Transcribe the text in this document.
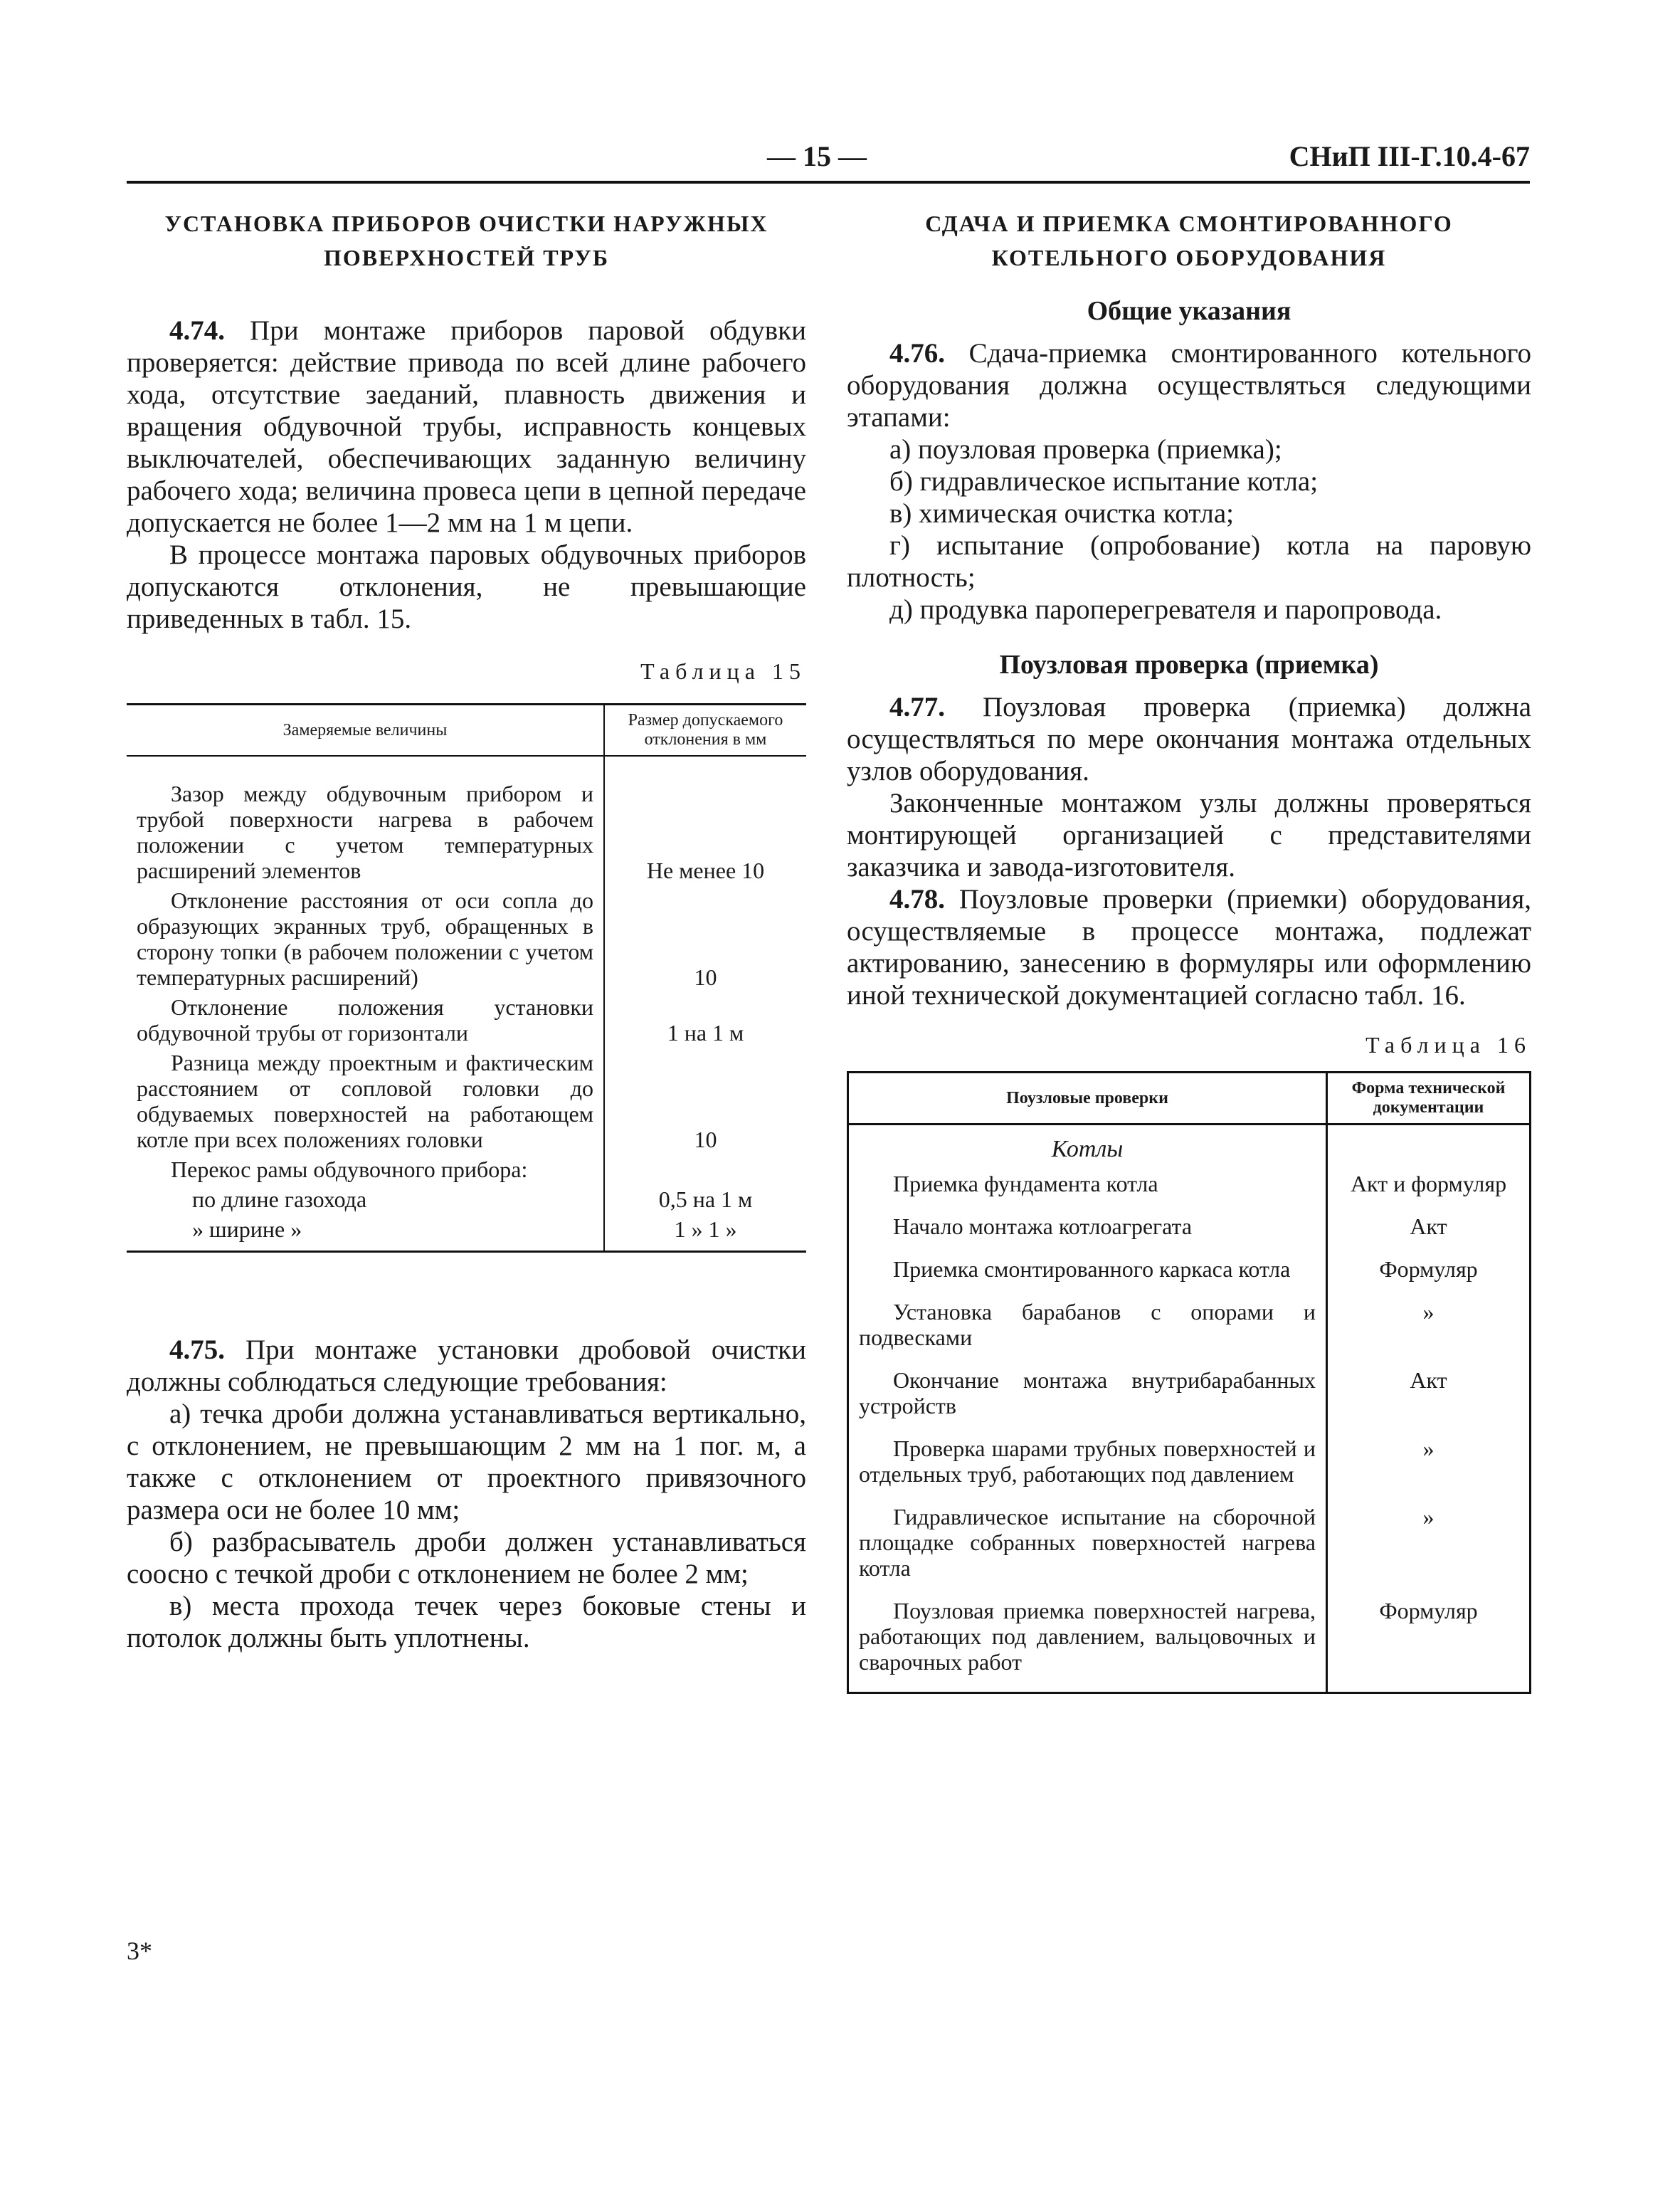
— 15 —	СНиП III-Г.10.4-67

УСТАНОВКА ПРИБОРОВ ОЧИСТКИ НАРУЖНЫХ
ПОВЕРХНОСТЕЙ ТРУБ

4.74. При монтаже приборов паровой обдувки проверяется: действие привода по всей длине рабочего хода, отсутствие заеданий, плавность движения и вращения обдувочной трубы, исправность концевых выключателей, обеспечивающих заданную величину рабочего хода; величина провеса цепи в цепной передаче допускается не более 1—2 мм на 1 м цепи.

В процессе монтажа паровых обдувочных приборов допускаются отклонения, не превышающие приведенных в табл. 15.

Таблица 15

Замеряемые величины	Размер допускаемого отклонения в мм

Зазор между обдувочным прибором и трубой поверхности нагрева в рабочем положении с учетом температурных расширений элементов	Не менее 10
Отклонение расстояния от оси сопла до образующих экранных труб, обращенных в сторону топки (в рабочем положении с учетом температурных расширений)	10
Отклонение положения установки обдувочной трубы от горизонтали	1 на 1 м
Разница между проектным и фактическим расстоянием от сопловой головки до обдуваемых поверхностей на работающем котле при всех положениях головки	10
Перекос рамы обдувочного прибора:	
по длине газохода	0,5 на 1 м
» ширине »	1 » 1 »

4.75. При монтаже установки дробовой очистки должны соблюдаться следующие требования:

а) течка дроби должна устанавливаться вертикально, с отклонением, не превышающим 2 мм на 1 пог. м, а также с отклонением от проектного привязочного размера оси не более 10 мм;

б) разбрасыватель дроби должен устанавливаться соосно с течкой дроби с отклонением не более 2 мм;

в) места прохода течек через боковые стены и потолок должны быть уплотнены.

СДАЧА И ПРИЕМКА СМОНТИРОВАННОГО
КОТЕЛЬНОГО ОБОРУДОВАНИЯ

Общие указания

4.76. Сдача-приемка смонтированного котельного оборудования должна осуществляться следующими этапами:

а) поузловая проверка (приемка);

б) гидравлическое испытание котла;

в) химическая очистка котла;

г) испытание (опробование) котла на паровую плотность;

д) продувка пароперегревателя и паропровода.

Поузловая проверка (приемка)

4.77. Поузловая проверка (приемка) должна осуществляться по мере окончания монтажа отдельных узлов оборудования.

Законченные монтажом узлы должны проверяться монтирующей организацией с представителями заказчика и завода-изготовителя.

4.78. Поузловые проверки (приемки) оборудования, осуществляемые в процессе монтажа, подлежат актированию, занесению в формуляры или оформлению иной технической документацией согласно табл. 16.

Таблица 16

Поузловые проверки	Форма технической документации
Котлы	
Приемка фундамента котла	Акт и формуляр
Начало монтажа котлоагрегата	Акт
Приемка смонтированного каркаса котла	Формуляр
Установка барабанов с опорами и подвесками	»
Окончание монтажа внутрибарабанных устройств	Акт
Проверка шарами трубных поверхностей и отдельных труб, работающих под давлением	»
Гидравлическое испытание на сборочной площадке собранных поверхностей нагрева котла	»
Поузловая приемка поверхностей нагрева, работающих под давлением, вальцовочных и сварочных работ	Формуляр
3*
